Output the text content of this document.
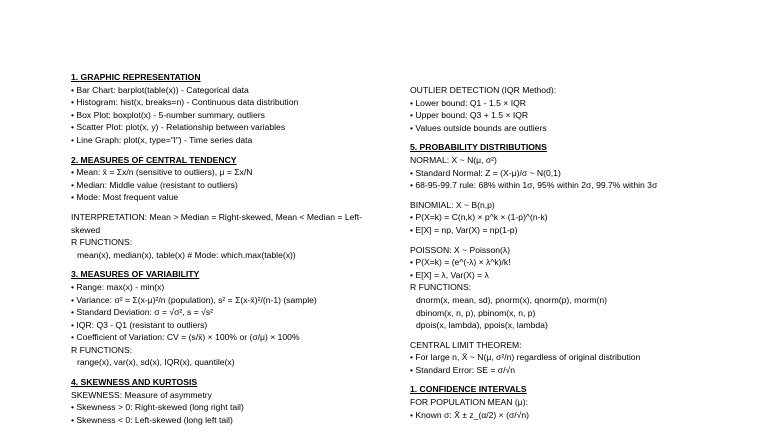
1. GRAPHIC REPRESENTATION
• Bar Chart: barplot(table(x)) - Categorical data
• Histogram: hist(x, breaks=n) - Continuous data distribution
• Box Plot: boxplot(x) - 5-number summary, outliers
• Scatter Plot: plot(x, y) - Relationship between variables
• Line Graph: plot(x, type="l") - Time series data
2. MEASURES OF CENTRAL TENDENCY
• Mean: x̄ = Σx/n (sensitive to outliers), μ = Σx/N
• Median: Middle value (resistant to outliers)
• Mode: Most frequent value
INTERPRETATION: Mean > Median = Right-skewed, Mean < Median = Left-skewed
R FUNCTIONS:
mean(x), median(x), table(x) # Mode: which.max(table(x))
3. MEASURES OF VARIABILITY
• Range: max(x) - min(x)
• Variance: σ² = Σ(x-μ)²/n (population), s² = Σ(x-x̄)²/(n-1) (sample)
• Standard Deviation: σ = √σ², s = √s²
• IQR: Q3 - Q1 (resistant to outliers)
• Coefficient of Variation: CV = (s/x̄) × 100% or (σ/μ) × 100%
R FUNCTIONS:
range(x), var(x), sd(x), IQR(x), quantile(x)
4. SKEWNESS AND KURTOSIS
SKEWNESS: Measure of asymmetry
• Skewness > 0: Right-skewed (long right tail)
• Skewness < 0: Left-skewed (long left tail)
OUTLIER DETECTION (IQR Method):
• Lower bound: Q1 - 1.5 × IQR
• Upper bound: Q3 + 1.5 × IQR
• Values outside bounds are outliers
5. PROBABILITY DISTRIBUTIONS
NORMAL: X ~ N(μ, σ²)
• Standard Normal: Z = (X-μ)/σ ~ N(0,1)
• 68-95-99.7 rule: 68% within 1σ, 95% within 2σ, 99.7% within 3σ
BINOMIAL: X ~ B(n,p)
• P(X=k) = C(n,k) × p^k × (1-p)^(n-k)
• E[X] = np, Var(X) = np(1-p)
POISSON: X ~ Poisson(λ)
• P(X=k) = (e^(-λ) × λ^k)/k!
• E[X] = λ, Var(X) = λ
R FUNCTIONS:
dnorm(x, mean, sd), pnorm(x), qnorm(p), rnorm(n)
dbinom(x, n, p), pbinom(x, n, p)
dpois(x, lambda), ppois(x, lambda)
CENTRAL LIMIT THEOREM:
• For large n, X̄ ~ N(μ, σ²/n) regardless of original distribution
• Standard Error: SE = σ/√n
1. CONFIDENCE INTERVALS
FOR POPULATION MEAN (μ):
• Known σ: X̄ ± z_(α/2) × (σ/√n)
